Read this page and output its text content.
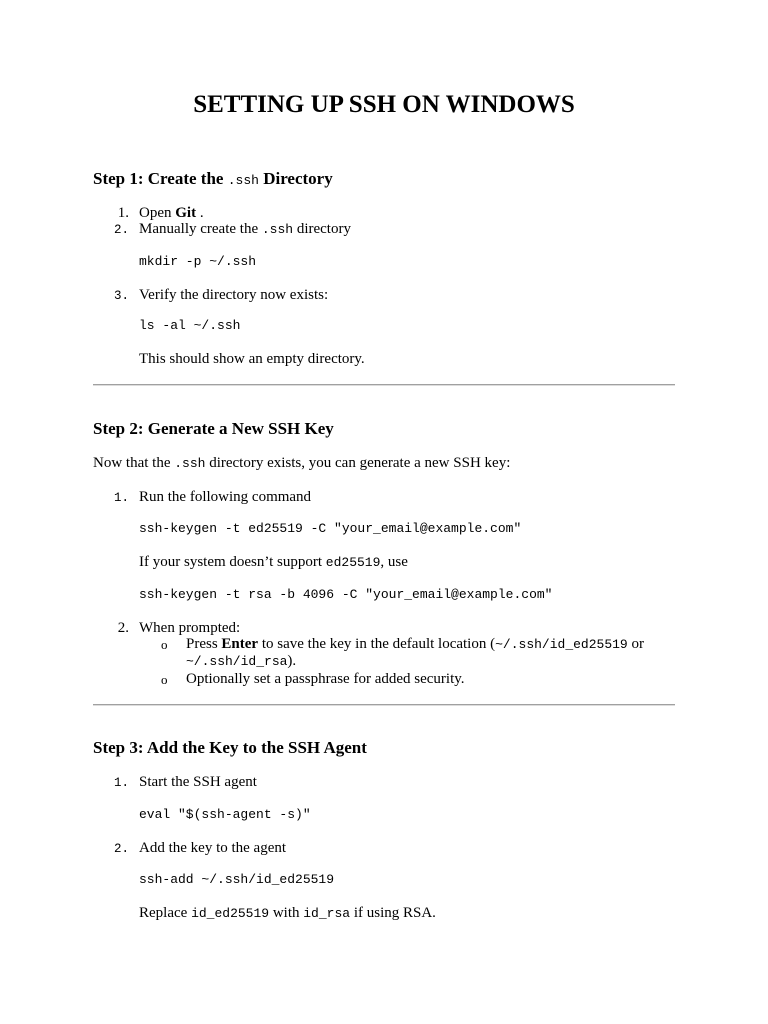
SETTING UP SSH ON WINDOWS
Step 1: Create the .ssh Directory
1. Open Git .
2. Manually create the .ssh directory
mkdir -p ~/.ssh
3. Verify the directory now exists:
ls -al ~/.ssh
This should show an empty directory.
Step 2: Generate a New SSH Key
Now that the .ssh directory exists, you can generate a new SSH key:
1. Run the following command
ssh-keygen -t ed25519 -C "your_email@example.com"
If your system doesn’t support ed25519, use
ssh-keygen -t rsa -b 4096 -C "your_email@example.com"
2. When prompted:
o Press Enter to save the key in the default location (~/.ssh/id_ed25519 or
~/.ssh/id_rsa).
o Optionally set a passphrase for added security.
Step 3: Add the Key to the SSH Agent
1. Start the SSH agent
eval "$(ssh-agent -s)"
2. Add the key to the agent
ssh-add ~/.ssh/id_ed25519
Replace id_ed25519 with id_rsa if using RSA.
